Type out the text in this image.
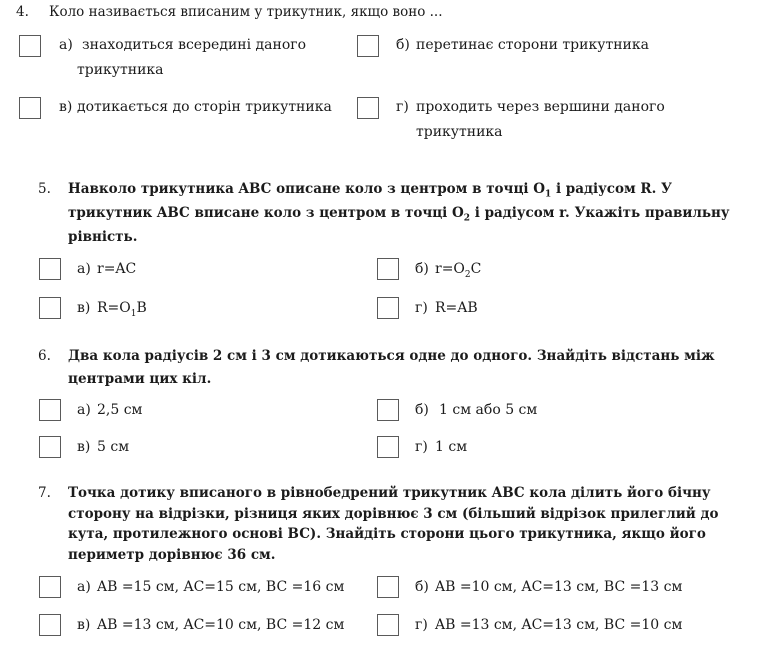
4. Коло називається вписаним у трикутник, якщо воно ...
а) знаходиться всередині даного
трикутника
б) перетинає сторони трикутника
в) дотикається до сторін трикутника	г) проходить через вершини даного
трикутника
5. Навколо трикутника ABC описане коло з центром в точці $O_1$ і радіусом R. У
трикутник ABC вписане коло з центром в точці $O_2$ і радіусом r. Укажіть правильну
рівність.
а) r=AC	б) $r=O_2C$
в) $R=O_1B$	г) R=AB
6. Два кола радіусів 2 см і 3 см дотикаються одне до одного. Знайдіть відстань між
центрами цих кіл.
а) 2,5 см	б) 1 см або 5 см
в) 5 см	г) 1 см
7. Точка дотику вписаного в рівнобедрений трикутник ABC кола ділить його бічну
сторону на відрізки, різниця яких дорівнює 3 см (більший відрізок прилеглий до
кута, протилежного основі BC). Знайдіть сторони цього трикутника, якщо його
периметр дорівнює 36 см.
а) AB =15 см, AC=15 см, BC =16 см	б) AB =10 см, AC=13 см, BC =13 см
в) AB =13 см, AC=10 см, BC =12 см	г) AB =13 см, AC=13 см, BC =10 см
